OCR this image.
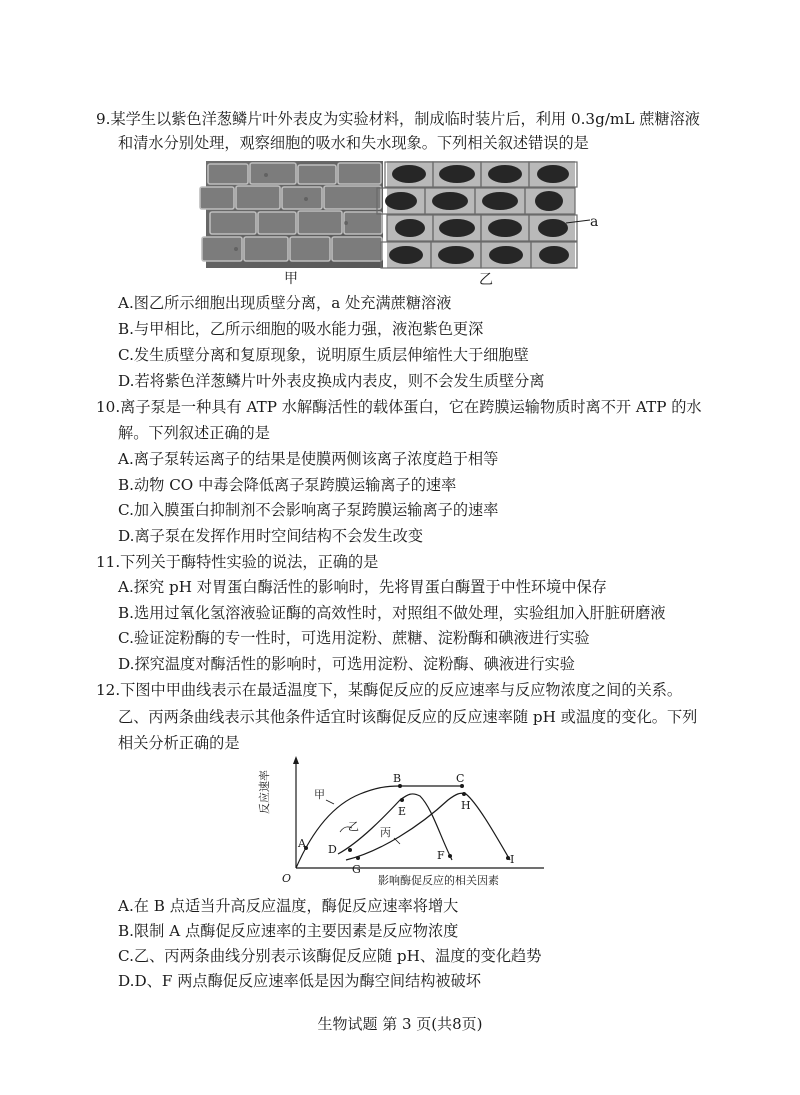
9.某学生以紫色洋葱鳞片叶外表皮为实验材料，制成临时装片后，利用 0.3g/mL 蔗糖溶液
和清水分别处理，观察细胞的吸水和失水现象。下列相关叙述错误的是
a
甲	乙
A.图乙所示细胞出现质壁分离，a 处充满蔗糖溶液
B.与甲相比，乙所示细胞的吸水能力强，液泡紫色更深
C.发生质壁分离和复原现象，说明原生质层伸缩性大于细胞壁
D.若将紫色洋葱鳞片叶外表皮换成内表皮，则不会发生质壁分离
10.离子泵是一种具有 ATP 水解酶活性的载体蛋白，它在跨膜运输物质时离不开 ATP 的水
解。下列叙述正确的是
A.离子泵转运离子的结果是使膜两侧该离子浓度趋于相等
B.动物 CO 中毒会降低离子泵跨膜运输离子的速率
C.加入膜蛋白抑制剂不会影响离子泵跨膜运输离子的速率
D.离子泵在发挥作用时空间结构不会发生改变
11.下列关于酶特性实验的说法，正确的是
A.探究 pH 对胃蛋白酶活性的影响时，先将胃蛋白酶置于中性环境中保存
B.选用过氧化氢溶液验证酶的高效性时，对照组不做处理，实验组加入肝脏研磨液
C.验证淀粉酶的专一性时，可选用淀粉、蔗糖、淀粉酶和碘液进行实验
D.探究温度对酶活性的影响时，可选用淀粉、淀粉酶、碘液进行实验
12.下图中甲曲线表示在最适温度下，某酶促反应的反应速率与反应物浓度之间的关系。
乙、丙两条曲线表示其他条件适宜时该酶促反应的反应速率随 pH 或温度的变化。下列
相关分析正确的是
反应速率
O	影响酶促反应的相关因素
甲
乙 丙
A
B	C
D
E
F
G
H
I
A.在 B 点适当升高反应温度，酶促反应速率将增大
B.限制 A 点酶促反应速率的主要因素是反应物浓度
C.乙、丙两条曲线分别表示该酶促反应随 pH、温度的变化趋势
D.D、F 两点酶促反应速率低是因为酶空间结构被破坏
生物试题 第 3 页(共8页)
